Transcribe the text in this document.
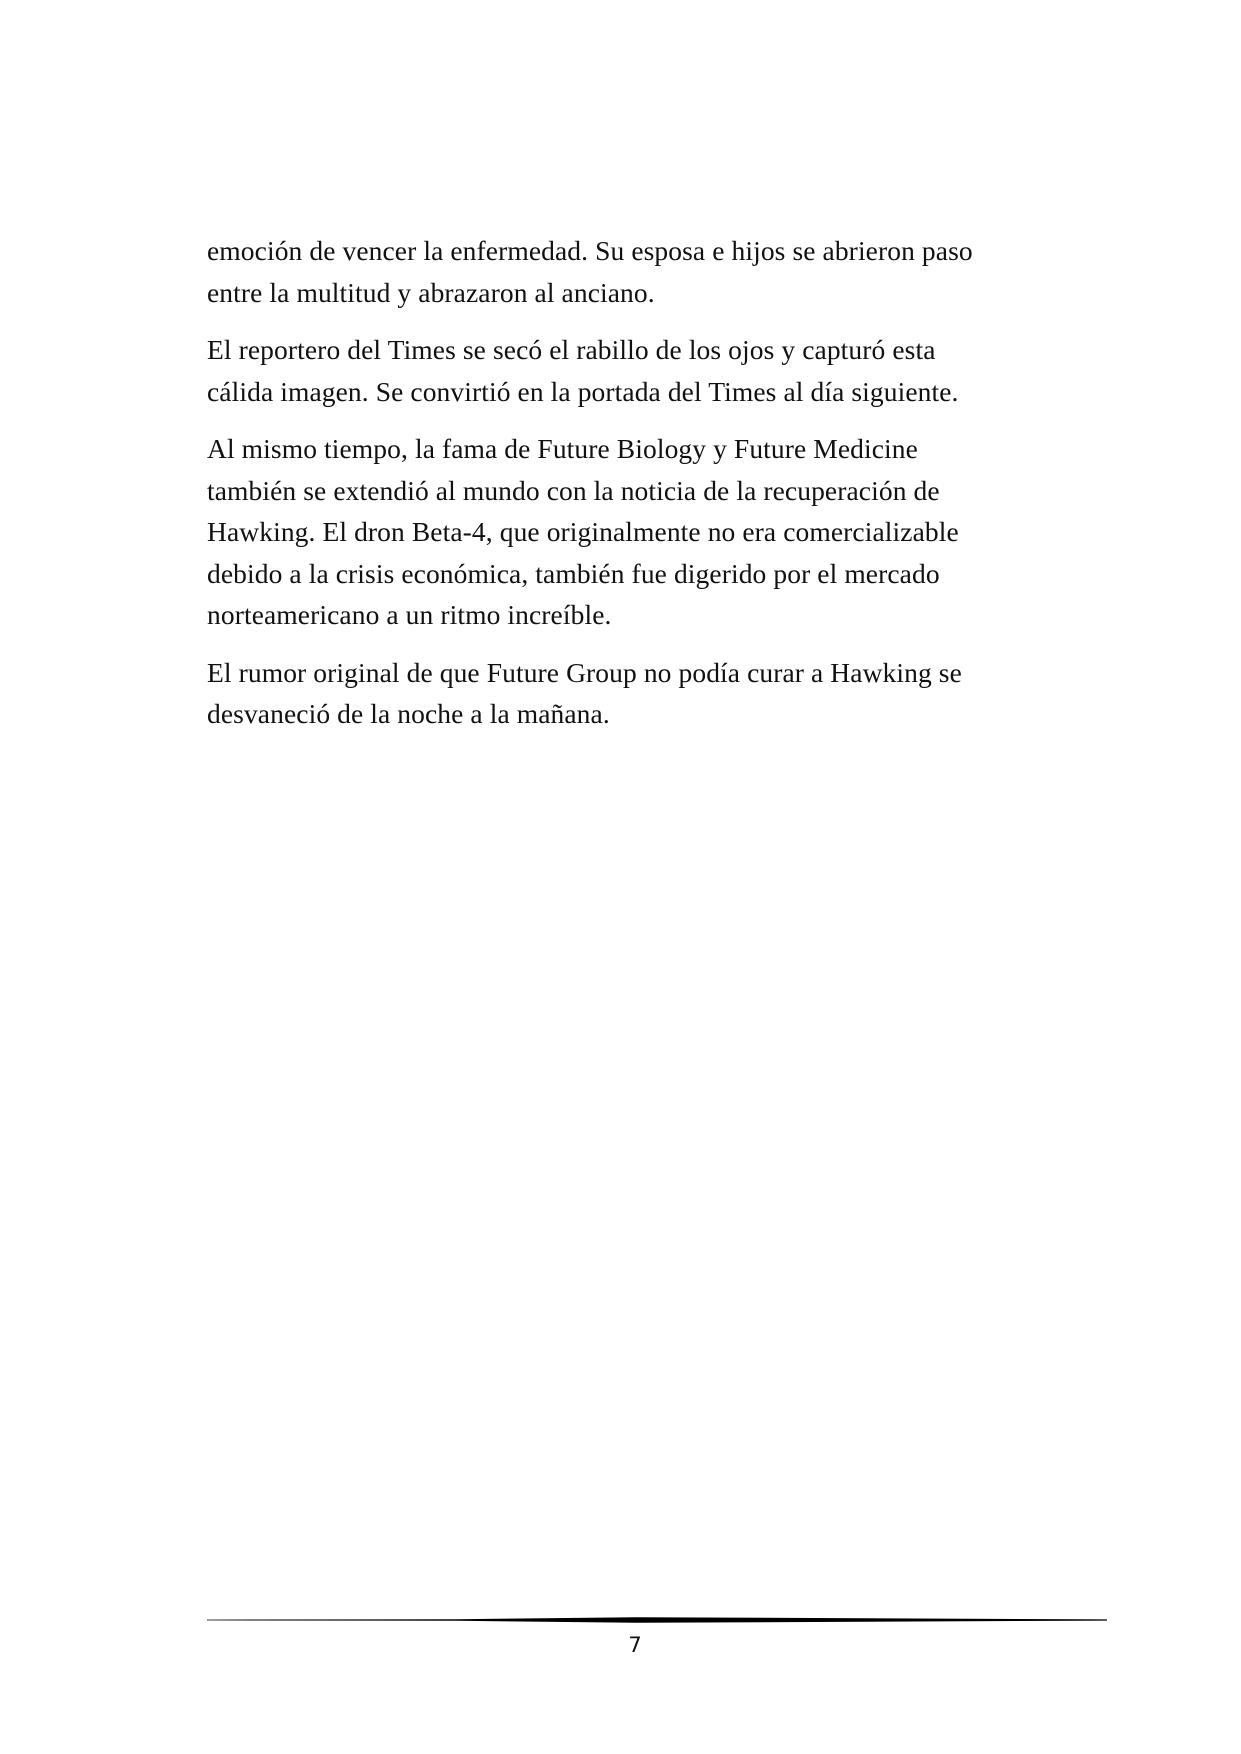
emoción de vencer la enfermedad. Su esposa e hijos se abrieron paso
entre la multitud y abrazaron al anciano.

El reportero del Times se secó el rabillo de los ojos y capturó esta
cálida imagen. Se convirtió en la portada del Times al día siguiente.

Al mismo tiempo, la fama de Future Biology y Future Medicine
también se extendió al mundo con la noticia de la recuperación de
Hawking. El dron Beta-4, que originalmente no era comercializable
debido a la crisis económica, también fue digerido por el mercado
norteamericano a un ritmo increíble.

El rumor original de que Future Group no podía curar a Hawking se
desvaneció de la noche a la mañana.

7
